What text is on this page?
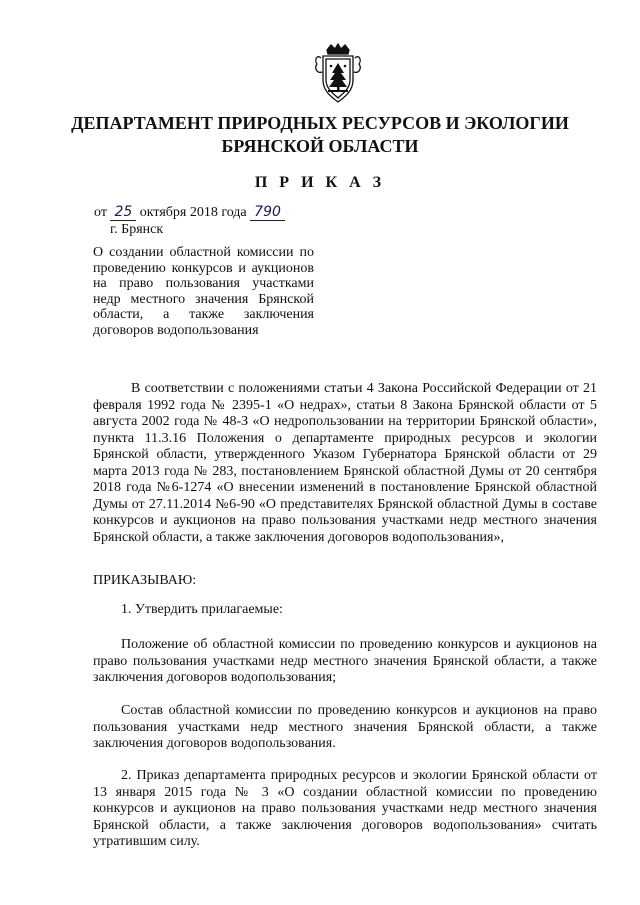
ДЕПАРТАМЕНТ ПРИРОДНЫХ РЕСУРСОВ И ЭКОЛОГИИ
БРЯНСКОЙ ОБЛАСТИ
П Р И К А З
от 25 октября 2018 года 790
г. Брянск
О создании областной комиссии по проведению конкурсов и аукционов на право пользования участками недр местного значения Брянской области, а также заключения договоров водопользования
В соответствии с положениями статьи 4 Закона Российской Федерации от 21 февраля 1992 года № 2395-1 «О недрах», статьи 8 Закона Брянской области от 5 августа 2002 года № 48-З «О недропользовании на территории Брянской области», пункта 11.3.16 Положения о департаменте природных ресурсов и экологии Брянской области, утвержденного Указом Губернатора Брянской области от 29 марта 2013 года № 283, постановлением Брянской областной Думы от 20 сентября 2018 года №6-1274 «О внесении изменений в постановление Брянской областной Думы от 27.11.2014 №6-90 «О представителях Брянской областной Думы в составе конкурсов и аукционов на право пользования участками недр местного значения Брянской области, а также заключения договоров водопользования»,
ПРИКАЗЫВАЮ:
1. Утвердить прилагаемые:
Положение об областной комиссии по проведению конкурсов и аукционов на право пользования участками недр местного значения Брянской области, а также заключения договоров водопользования;
Состав областной комиссии по проведению конкурсов и аукционов на право пользования участками недр местного значения Брянской области, а также заключения договоров водопользования.
2. Приказ департамента природных ресурсов и экологии Брянской области от 13 января 2015 года № 3 «О создании областной комиссии по проведению конкурсов и аукционов на право пользования участками недр местного значения Брянской области, а также заключения договоров водопользования» считать утратившим силу.
